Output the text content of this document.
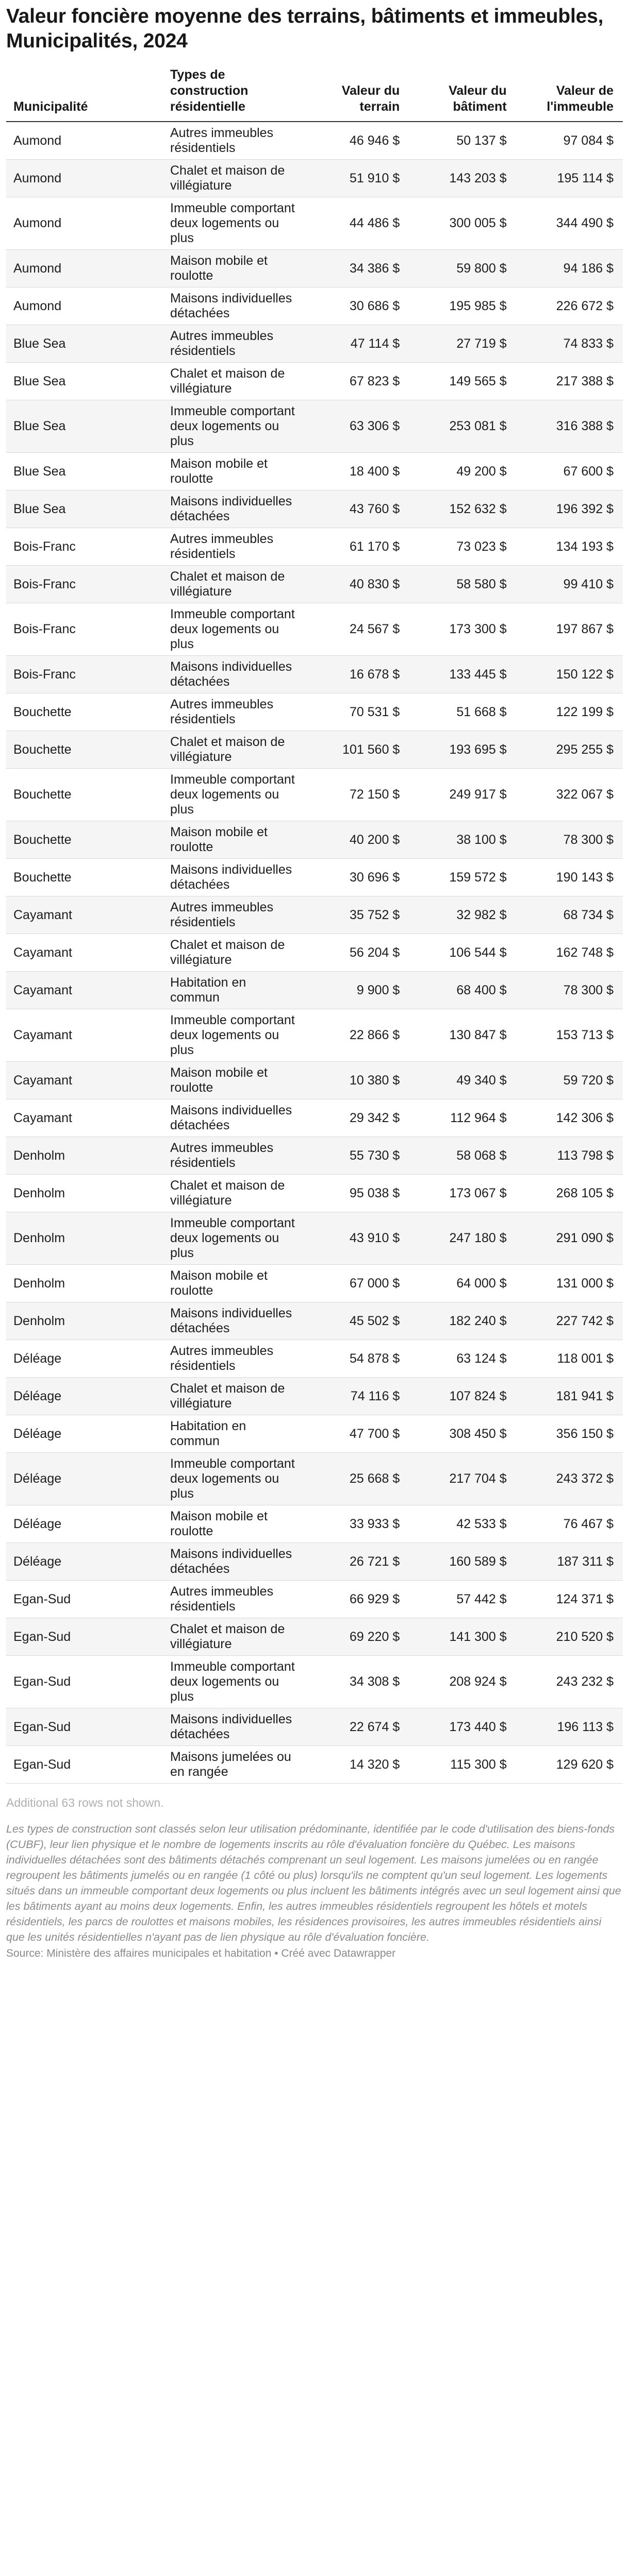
Valeur foncière moyenne des terrains, bâtiments et immeubles, Municipalités, 2024
Municipalité	Types de construction résidentielle	Valeur du terrain	Valeur du bâtiment	Valeur de l'immeuble
Aumond	Autres immeubles résidentiels	46 946 $	50 137 $	97 084 $
Aumond	Chalet et maison de villégiature	51 910 $	143 203 $	195 114 $
Aumond	Immeuble comportant deux logements ou plus	44 486 $	300 005 $	344 490 $
Aumond	Maison mobile et roulotte	34 386 $	59 800 $	94 186 $
Aumond	Maisons individuelles détachées	30 686 $	195 985 $	226 672 $
Blue Sea	Autres immeubles résidentiels	47 114 $	27 719 $	74 833 $
Blue Sea	Chalet et maison de villégiature	67 823 $	149 565 $	217 388 $
Blue Sea	Immeuble comportant deux logements ou plus	63 306 $	253 081 $	316 388 $
Blue Sea	Maison mobile et roulotte	18 400 $	49 200 $	67 600 $
Blue Sea	Maisons individuelles détachées	43 760 $	152 632 $	196 392 $
Bois-Franc	Autres immeubles résidentiels	61 170 $	73 023 $	134 193 $
Bois-Franc	Chalet et maison de villégiature	40 830 $	58 580 $	99 410 $
Bois-Franc	Immeuble comportant deux logements ou plus	24 567 $	173 300 $	197 867 $
Bois-Franc	Maisons individuelles détachées	16 678 $	133 445 $	150 122 $
Bouchette	Autres immeubles résidentiels	70 531 $	51 668 $	122 199 $
Bouchette	Chalet et maison de villégiature	101 560 $	193 695 $	295 255 $
Bouchette	Immeuble comportant deux logements ou plus	72 150 $	249 917 $	322 067 $
Bouchette	Maison mobile et roulotte	40 200 $	38 100 $	78 300 $
Bouchette	Maisons individuelles détachées	30 696 $	159 572 $	190 143 $
Cayamant	Autres immeubles résidentiels	35 752 $	32 982 $	68 734 $
Cayamant	Chalet et maison de villégiature	56 204 $	106 544 $	162 748 $
Cayamant	Habitation en commun	9 900 $	68 400 $	78 300 $
Cayamant	Immeuble comportant deux logements ou plus	22 866 $	130 847 $	153 713 $
Cayamant	Maison mobile et roulotte	10 380 $	49 340 $	59 720 $
Cayamant	Maisons individuelles détachées	29 342 $	112 964 $	142 306 $
Denholm	Autres immeubles résidentiels	55 730 $	58 068 $	113 798 $
Denholm	Chalet et maison de villégiature	95 038 $	173 067 $	268 105 $
Denholm	Immeuble comportant deux logements ou plus	43 910 $	247 180 $	291 090 $
Denholm	Maison mobile et roulotte	67 000 $	64 000 $	131 000 $
Denholm	Maisons individuelles détachées	45 502 $	182 240 $	227 742 $
Déléage	Autres immeubles résidentiels	54 878 $	63 124 $	118 001 $
Déléage	Chalet et maison de villégiature	74 116 $	107 824 $	181 941 $
Déléage	Habitation en commun	47 700 $	308 450 $	356 150 $
Déléage	Immeuble comportant deux logements ou plus	25 668 $	217 704 $	243 372 $
Déléage	Maison mobile et roulotte	33 933 $	42 533 $	76 467 $
Déléage	Maisons individuelles détachées	26 721 $	160 589 $	187 311 $
Egan-Sud	Autres immeubles résidentiels	66 929 $	57 442 $	124 371 $
Egan-Sud	Chalet et maison de villégiature	69 220 $	141 300 $	210 520 $
Egan-Sud	Immeuble comportant deux logements ou plus	34 308 $	208 924 $	243 232 $
Egan-Sud	Maisons individuelles détachées	22 674 $	173 440 $	196 113 $
Egan-Sud	Maisons jumelées ou en rangée	14 320 $	115 300 $	129 620 $
Additional 63 rows not shown.
Les types de construction sont classés selon leur utilisation prédominante, identifiée par le code d'utilisation des biens-fonds (CUBF), leur lien physique et le nombre de logements inscrits au rôle d'évaluation foncière du Québec. Les maisons individuelles détachées sont des bâtiments détachés comprenant un seul logement. Les maisons jumelées ou en rangée regroupent les bâtiments jumelés ou en rangée (1 côté ou plus) lorsqu'ils ne comptent qu'un seul logement. Les logements situés dans un immeuble comportant deux logements ou plus incluent les bâtiments intégrés avec un seul logement ainsi que les bâtiments ayant au moins deux logements. Enfin, les autres immeubles résidentiels regroupent les hôtels et motels résidentiels, les parcs de roulottes et maisons mobiles, les résidences provisoires, les autres immeubles résidentiels ainsi que les unités résidentielles n'ayant pas de lien physique au rôle d'évaluation foncière.
Source: Ministère des affaires municipales et habitation • Créé avec Datawrapper
